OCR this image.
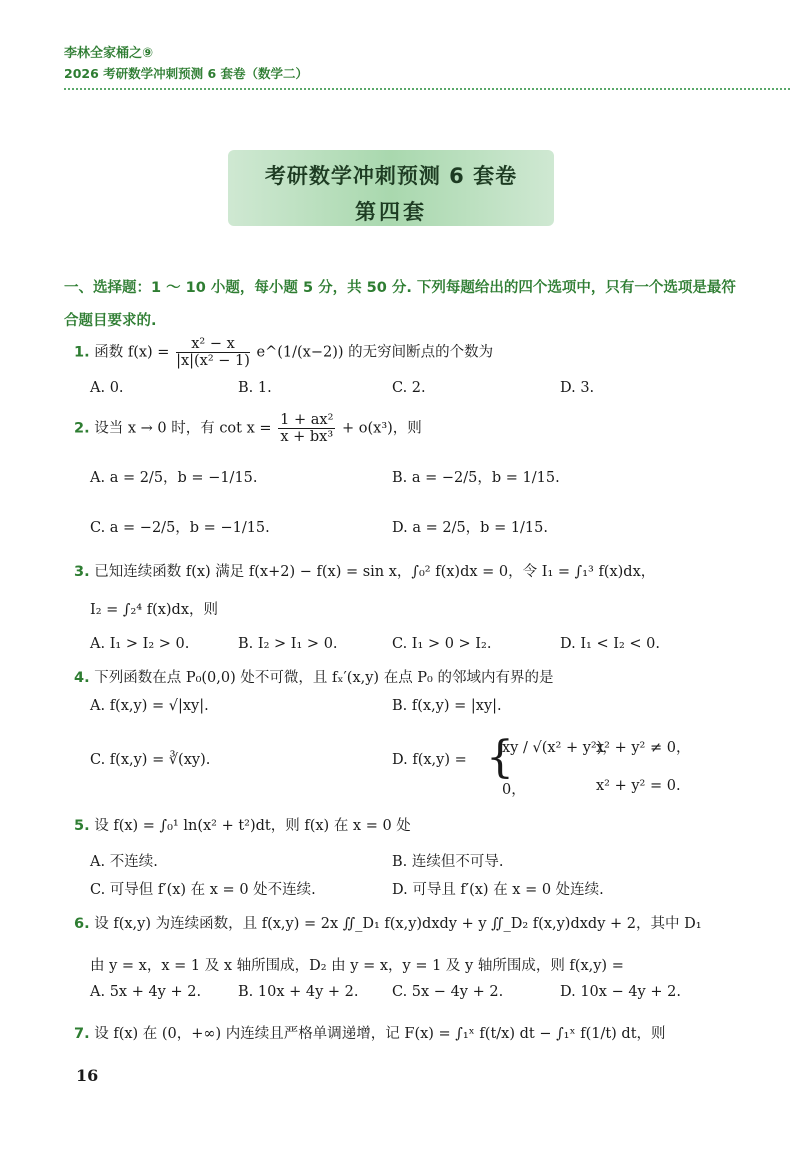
李林全家桶之⑨
2026 考研数学冲刺预测 6 套卷（数学二）
考研数学冲刺预测 6 套卷
第四套
一、选择题：1 ～ 10 小题，每小题 5 分，共 50 分. 下列每题给出的四个选项中，只有一个选项是最符合题目要求的.
1. 函数 $f(x) = \frac{\text{x² − x}}{\text{|x|(x² − 1)}}$ e^(1/(x−2)) 的无穷间断点的个数为
A. 0.	B. 1.	C. 2.	D. 3.
2. 设当 x → 0 时，有 $\cot x = \frac{\text{1 + ax²}}{\text{x + bx³}} + o(x^3)$，则
A. a = 2/5，b = −1/15.	B. a = −2/5，b = 1/15.
C. a = −2/5，b = −1/15.	D. a = 2/5，b = 1/15.
3. 已知连续函数 f(x) 满足 f(x+2) − f(x) = sin x，∫₀² f(x)dx = 0，令 I₁ = ∫₁³ f(x)dx，
I₂ = ∫₂⁴ f(x)dx，则
A. I₁ > I₂ > 0.	B. I₂ > I₁ > 0.	C. I₁ > 0 > I₂.	D. I₁ < I₂ < 0.
4. 下列函数在点 P₀(0,0) 处不可微，且 fₓ′(x,y) 在点 P₀ 的邻域内有界的是
A. f(x,y) = √|xy|.	B. f(x,y) = |xy|.
C. f(x,y) = ∛(xy).	D. f(x,y) = {
xy / √(x² + y²)，
x² + y² ≠ 0，
0，	x² + y² = 0.
5. 设 f(x) = ∫₀¹ ln(x² + t²)dt，则 f(x) 在 x = 0 处
A. 不连续.	B. 连续但不可导.
C. 可导但 f′(x) 在 x = 0 处不连续.	D. 可导且 f′(x) 在 x = 0 处连续.
6. 设 f(x,y) 为连续函数，且 f(x,y) = 2x ∬_D₁ f(x,y)dxdy + y ∬_D₂ f(x,y)dxdy + 2，其中 D₁
由 y = x，x = 1 及 x 轴所围成，D₂ 由 y = x，y = 1 及 y 轴所围成，则 f(x,y) =
A. 5x + 4y + 2.	B. 10x + 4y + 2. C. 5x − 4y + 2.	D. 10x − 4y + 2.
7. 设 f(x) 在 (0，+∞) 内连续且严格单调递增，记 F(x) = ∫₁ˣ f(t/x) dt − ∫₁ˣ f(1/t) dt，则
16
